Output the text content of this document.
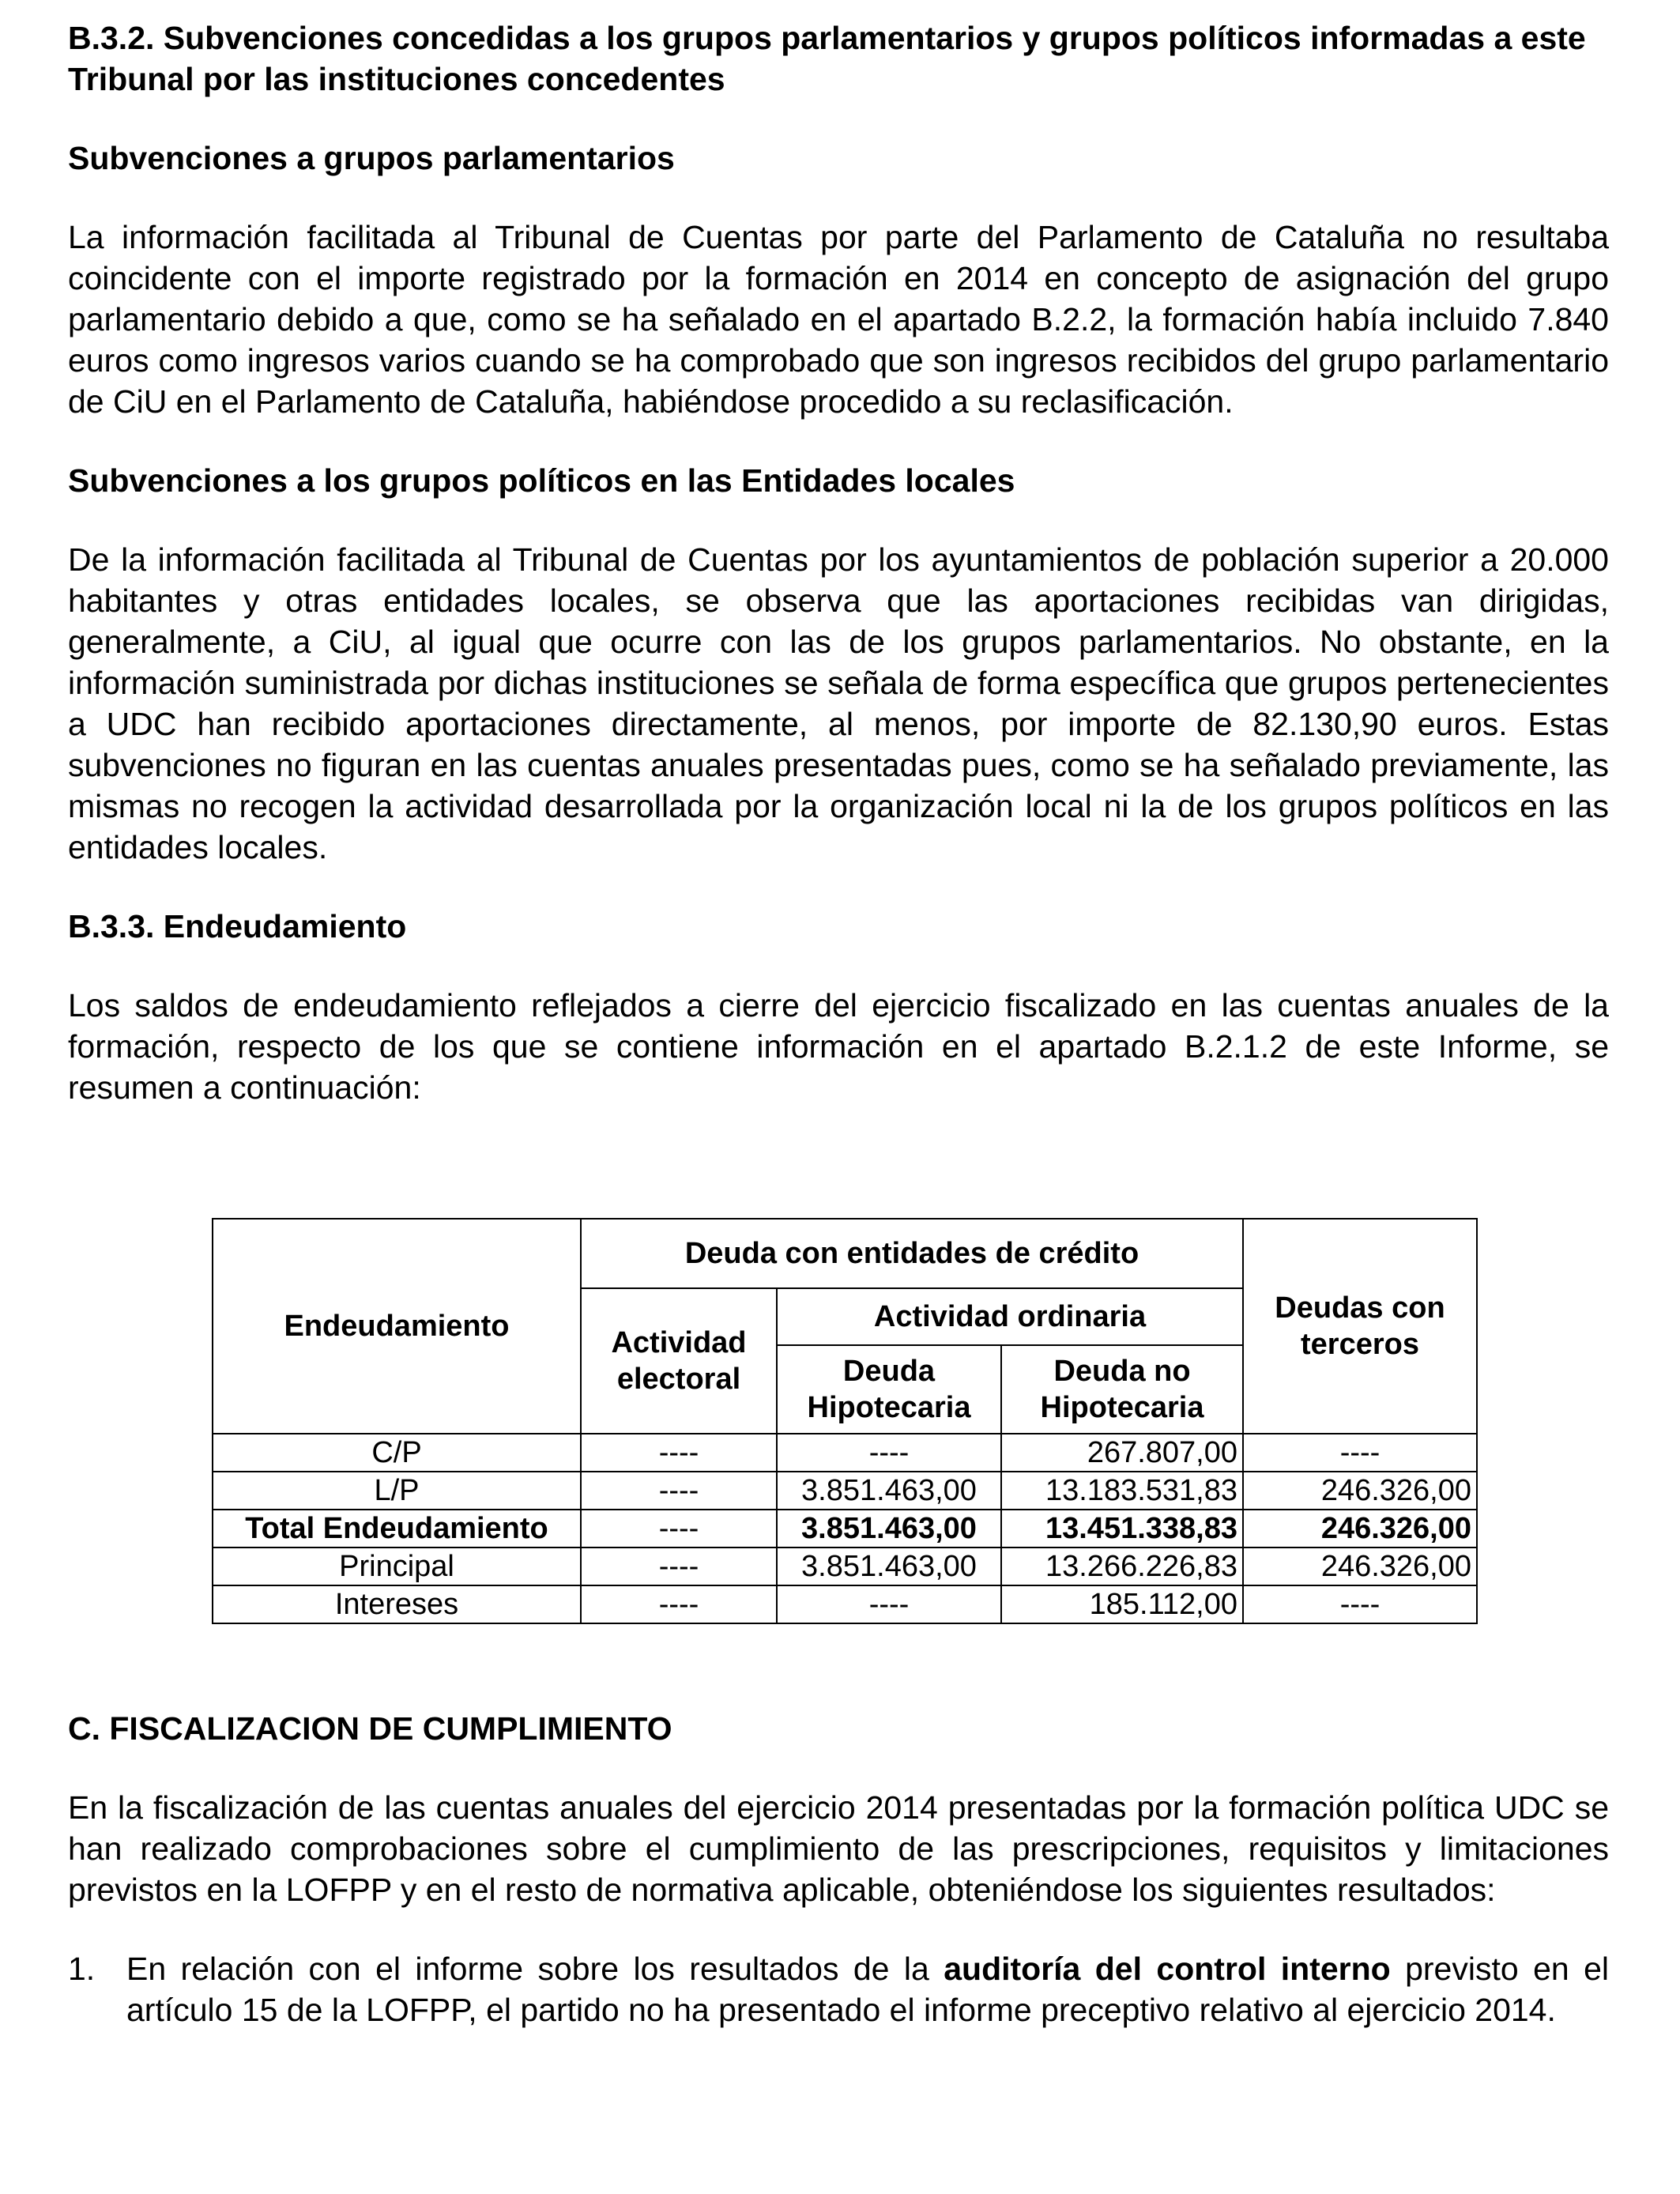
B.3.2. Subvenciones concedidas a los grupos parlamentarios y grupos políticos informadas a este Tribunal por las instituciones concedentes

Subvenciones a grupos parlamentarios

La información facilitada al Tribunal de Cuentas por parte del Parlamento de Cataluña no resultaba coincidente con el importe registrado por la formación en 2014 en concepto de asignación del grupo parlamentario debido a que, como se ha señalado en el apartado B.2.2, la formación había incluido 7.840 euros como ingresos varios cuando se ha comprobado que son ingresos recibidos del grupo parlamentario de CiU en el Parlamento de Cataluña, habiéndose procedido a su reclasificación.

Subvenciones a los grupos políticos en las Entidades locales

De la información facilitada al Tribunal de Cuentas por los ayuntamientos de población superior a 20.000 habitantes y otras entidades locales, se observa que las aportaciones recibidas van dirigidas, generalmente, a CiU, al igual que ocurre con las de los grupos parlamentarios. No obstante, en la información suministrada por dichas instituciones se señala de forma específica que grupos pertenecientes a UDC han recibido aportaciones directamente, al menos, por importe de 82.130,90 euros. Estas subvenciones no figuran en las cuentas anuales presentadas pues, como se ha señalado previamente, las mismas no recogen la actividad desarrollada por la organización local ni la de los grupos políticos en las entidades locales.

B.3.3. Endeudamiento

Los saldos de endeudamiento reflejados a cierre del ejercicio fiscalizado en las cuentas anuales de la formación, respecto de los que se contiene información en el apartado B.2.1.2 de este Informe, se resumen a continuación:

Endeudamiento	Deuda con entidades de crédito			Deudas con terceros
	Actividad electoral	Actividad ordinaria		
		Deuda Hipotecaria	Deuda no Hipotecaria	
C/P	----	----	267.807,00	----
L/P	----	3.851.463,00	13.183.531,83	246.326,00
Total Endeudamiento	----	3.851.463,00	13.451.338,83	246.326,00
Principal	----	3.851.463,00	13.266.226,83	246.326,00
Intereses	----	----	185.112,00	----

C. FISCALIZACION DE CUMPLIMIENTO

En la fiscalización de las cuentas anuales del ejercicio 2014 presentadas por la formación política UDC se han realizado comprobaciones sobre el cumplimiento de las prescripciones, requisitos y limitaciones previstos en la LOFPP y en el resto de normativa aplicable, obteniéndose los siguientes resultados:

1. En relación con el informe sobre los resultados de la auditoría del control interno previsto en el artículo 15 de la LOFPP, el partido no ha presentado el informe preceptivo relativo al ejercicio 2014.
